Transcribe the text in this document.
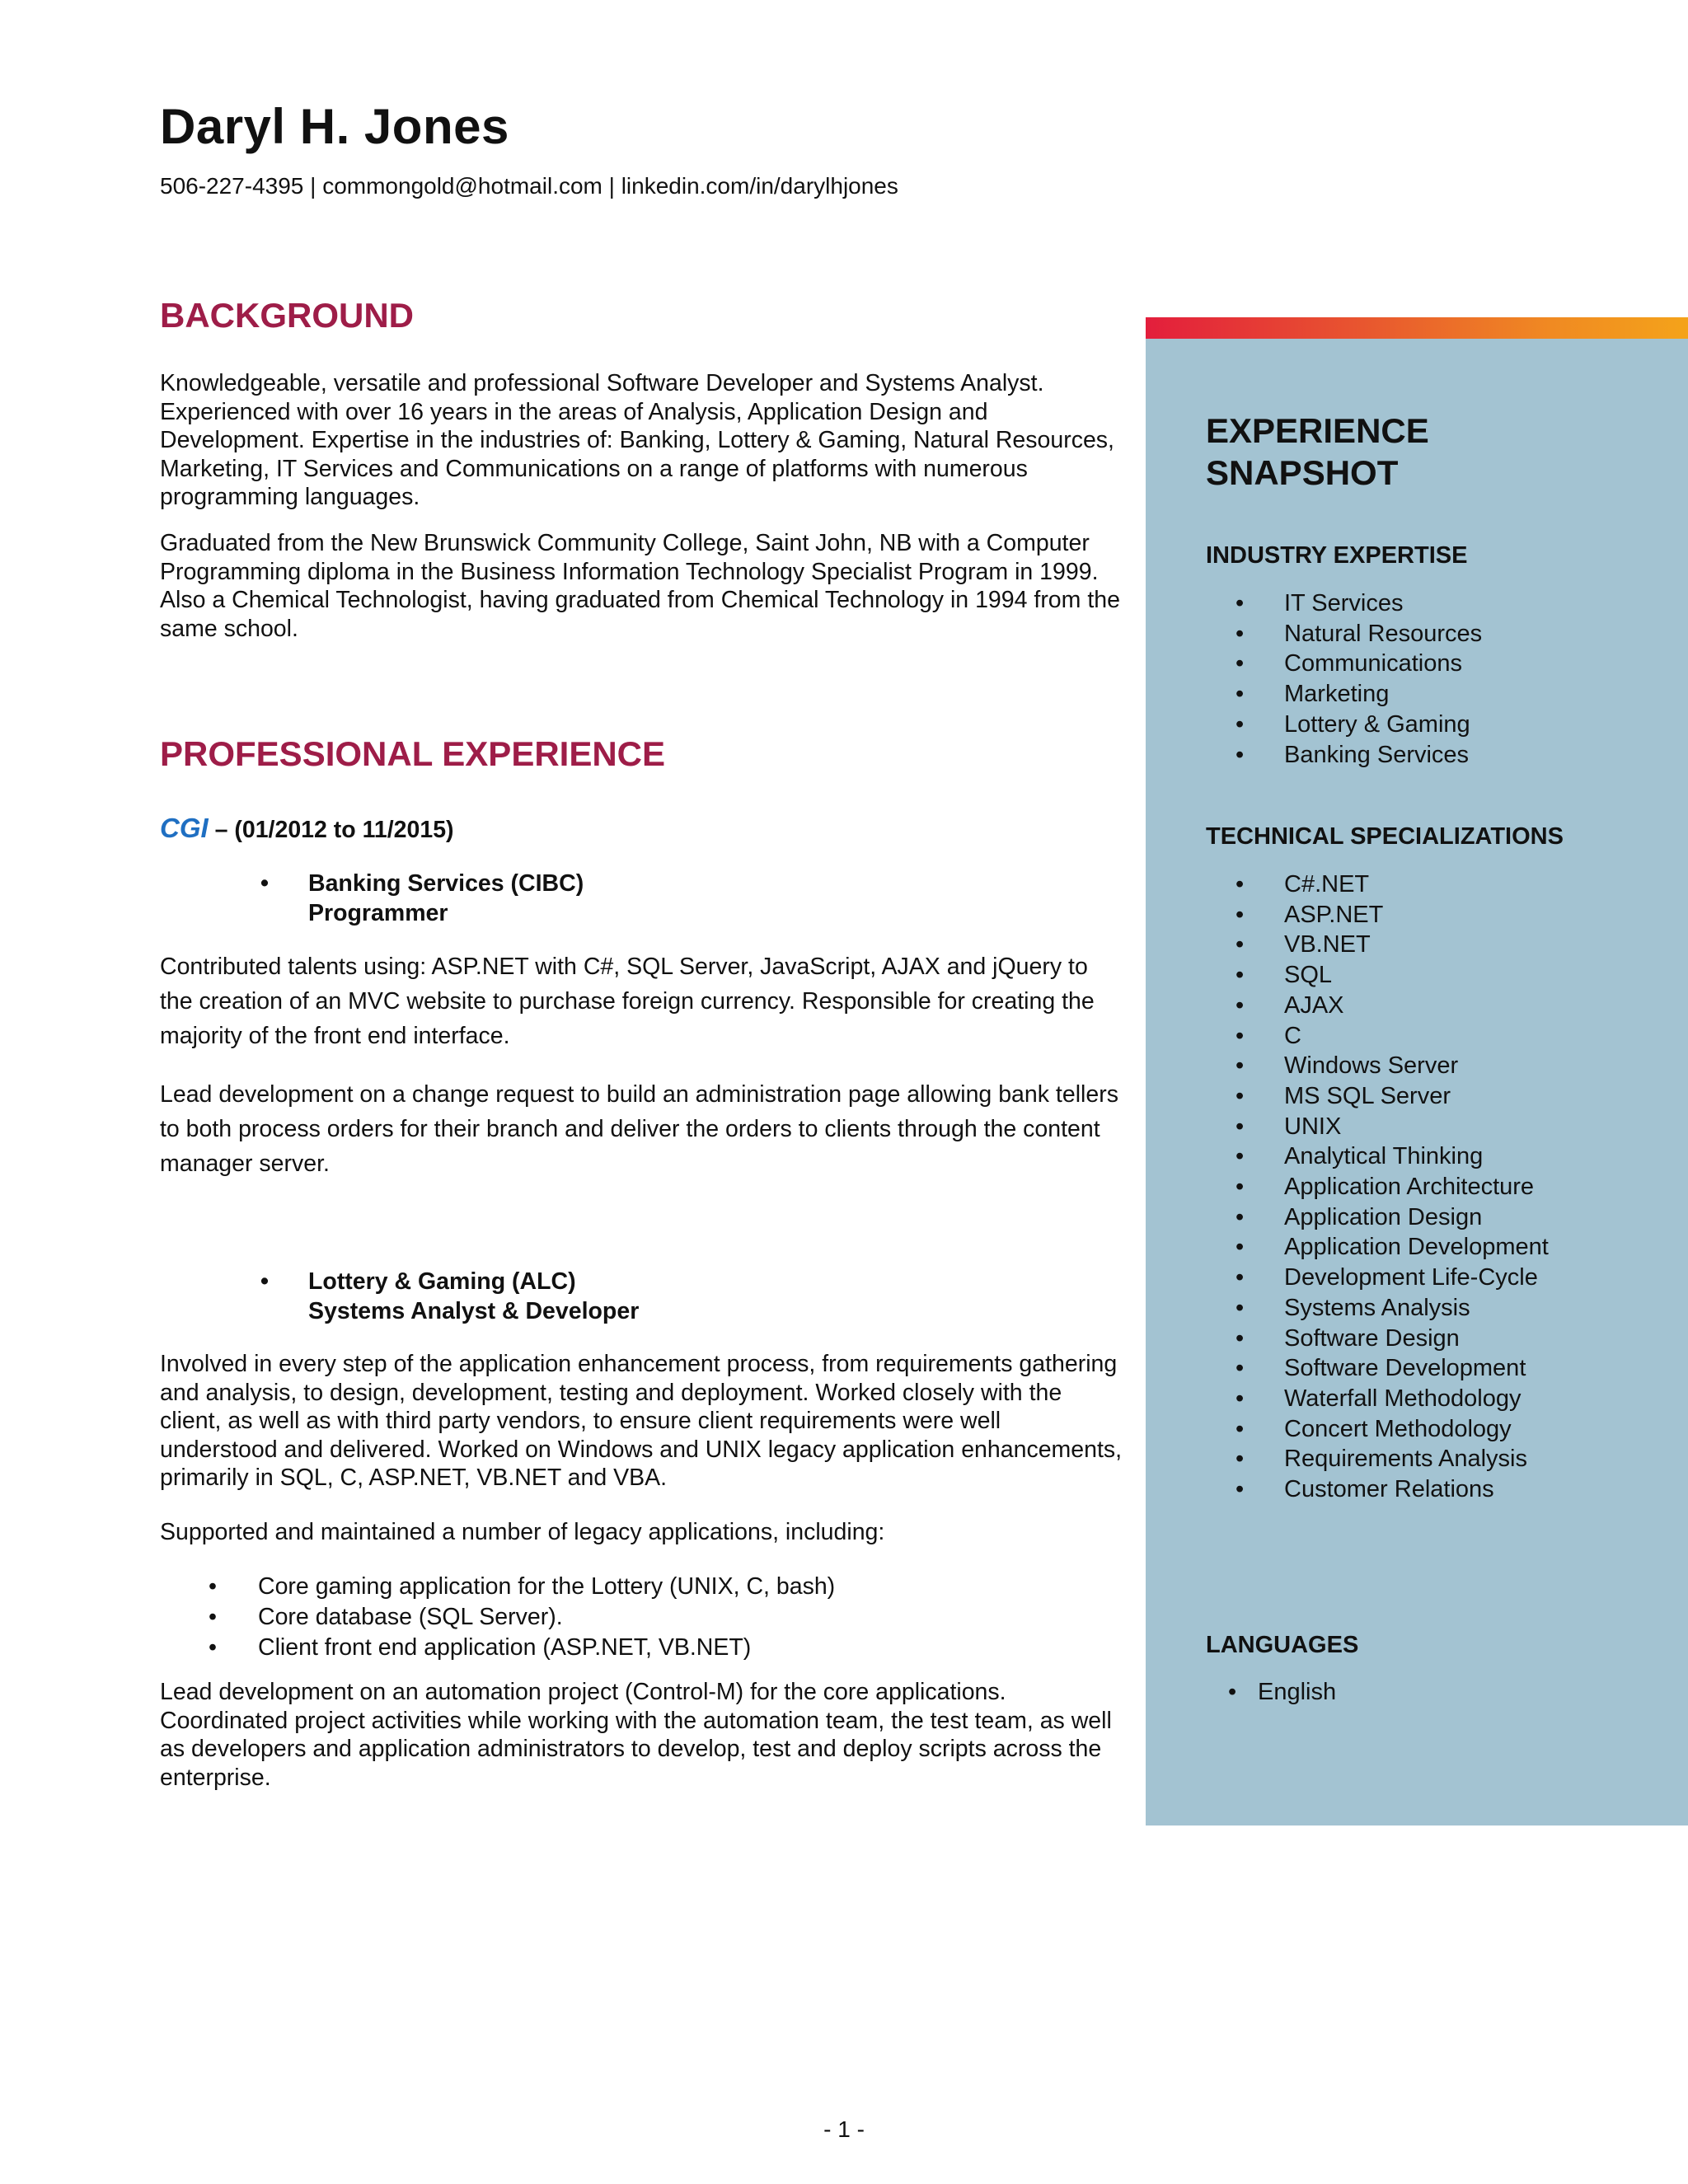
Daryl H. Jones
506-227-4395 | commongold@hotmail.com | linkedin.com/in/darylhjones
BACKGROUND

Knowledgeable, versatile and professional Software Developer and Systems Analyst. Experienced with over 16 years in the areas of Analysis, Application Design and Development. Expertise in the industries of: Banking, Lottery & Gaming, Natural Resources, Marketing, IT Services and Communications on a range of platforms with numerous programming languages.

Graduated from the New Brunswick Community College, Saint John, NB with a Computer Programming diploma in the Business Information Technology Specialist Program in 1999. Also a Chemical Technologist, having graduated from Chemical Technology in 1994 from the same school.

PROFESSIONAL EXPERIENCE
CGI – (01/2012 to 11/2015)
• Banking Services (CIBC)
Programmer

Contributed talents using: ASP.NET with C#, SQL Server, JavaScript, AJAX and jQuery to the creation of an MVC website to purchase foreign currency. Responsible for creating the majority of the front end interface.

Lead development on a change request to build an administration page allowing bank tellers to both process orders for their branch and deliver the orders to clients through the content manager server.

• Lottery & Gaming (ALC)
Systems Analyst & Developer

Involved in every step of the application enhancement process, from requirements gathering and analysis, to design, development, testing and deployment. Worked closely with the client, as well as with third party vendors, to ensure client requirements were well understood and delivered. Worked on Windows and UNIX legacy application enhancements, primarily in SQL, C, ASP.NET, VB.NET and VBA.

Supported and maintained a number of legacy applications, including:

• Core gaming application for the Lottery (UNIX, C, bash)
• Core database (SQL Server).
• Client front end application (ASP.NET, VB.NET)

Lead development on an automation project (Control-M) for the core applications. Coordinated project activities while working with the automation team, the test team, as well as developers and application administrators to develop, test and deploy scripts across the enterprise.

EXPERIENCE
SNAPSHOT
INDUSTRY EXPERTISE
• IT Services
• Natural Resources
• Communications
• Marketing
• Lottery & Gaming
• Banking Services
TECHNICAL SPECIALIZATIONS
• C#.NET
• ASP.NET
• VB.NET
• SQL
• AJAX
• C
• Windows Server
• MS SQL Server
• UNIX
• Analytical Thinking
• Application Architecture
• Application Design
• Application Development
• Development Life-Cycle
• Systems Analysis
• Software Design
• Software Development
• Waterfall Methodology
• Concert Methodology
• Requirements Analysis
• Customer Relations
LANGUAGES
• English
- 1 -
